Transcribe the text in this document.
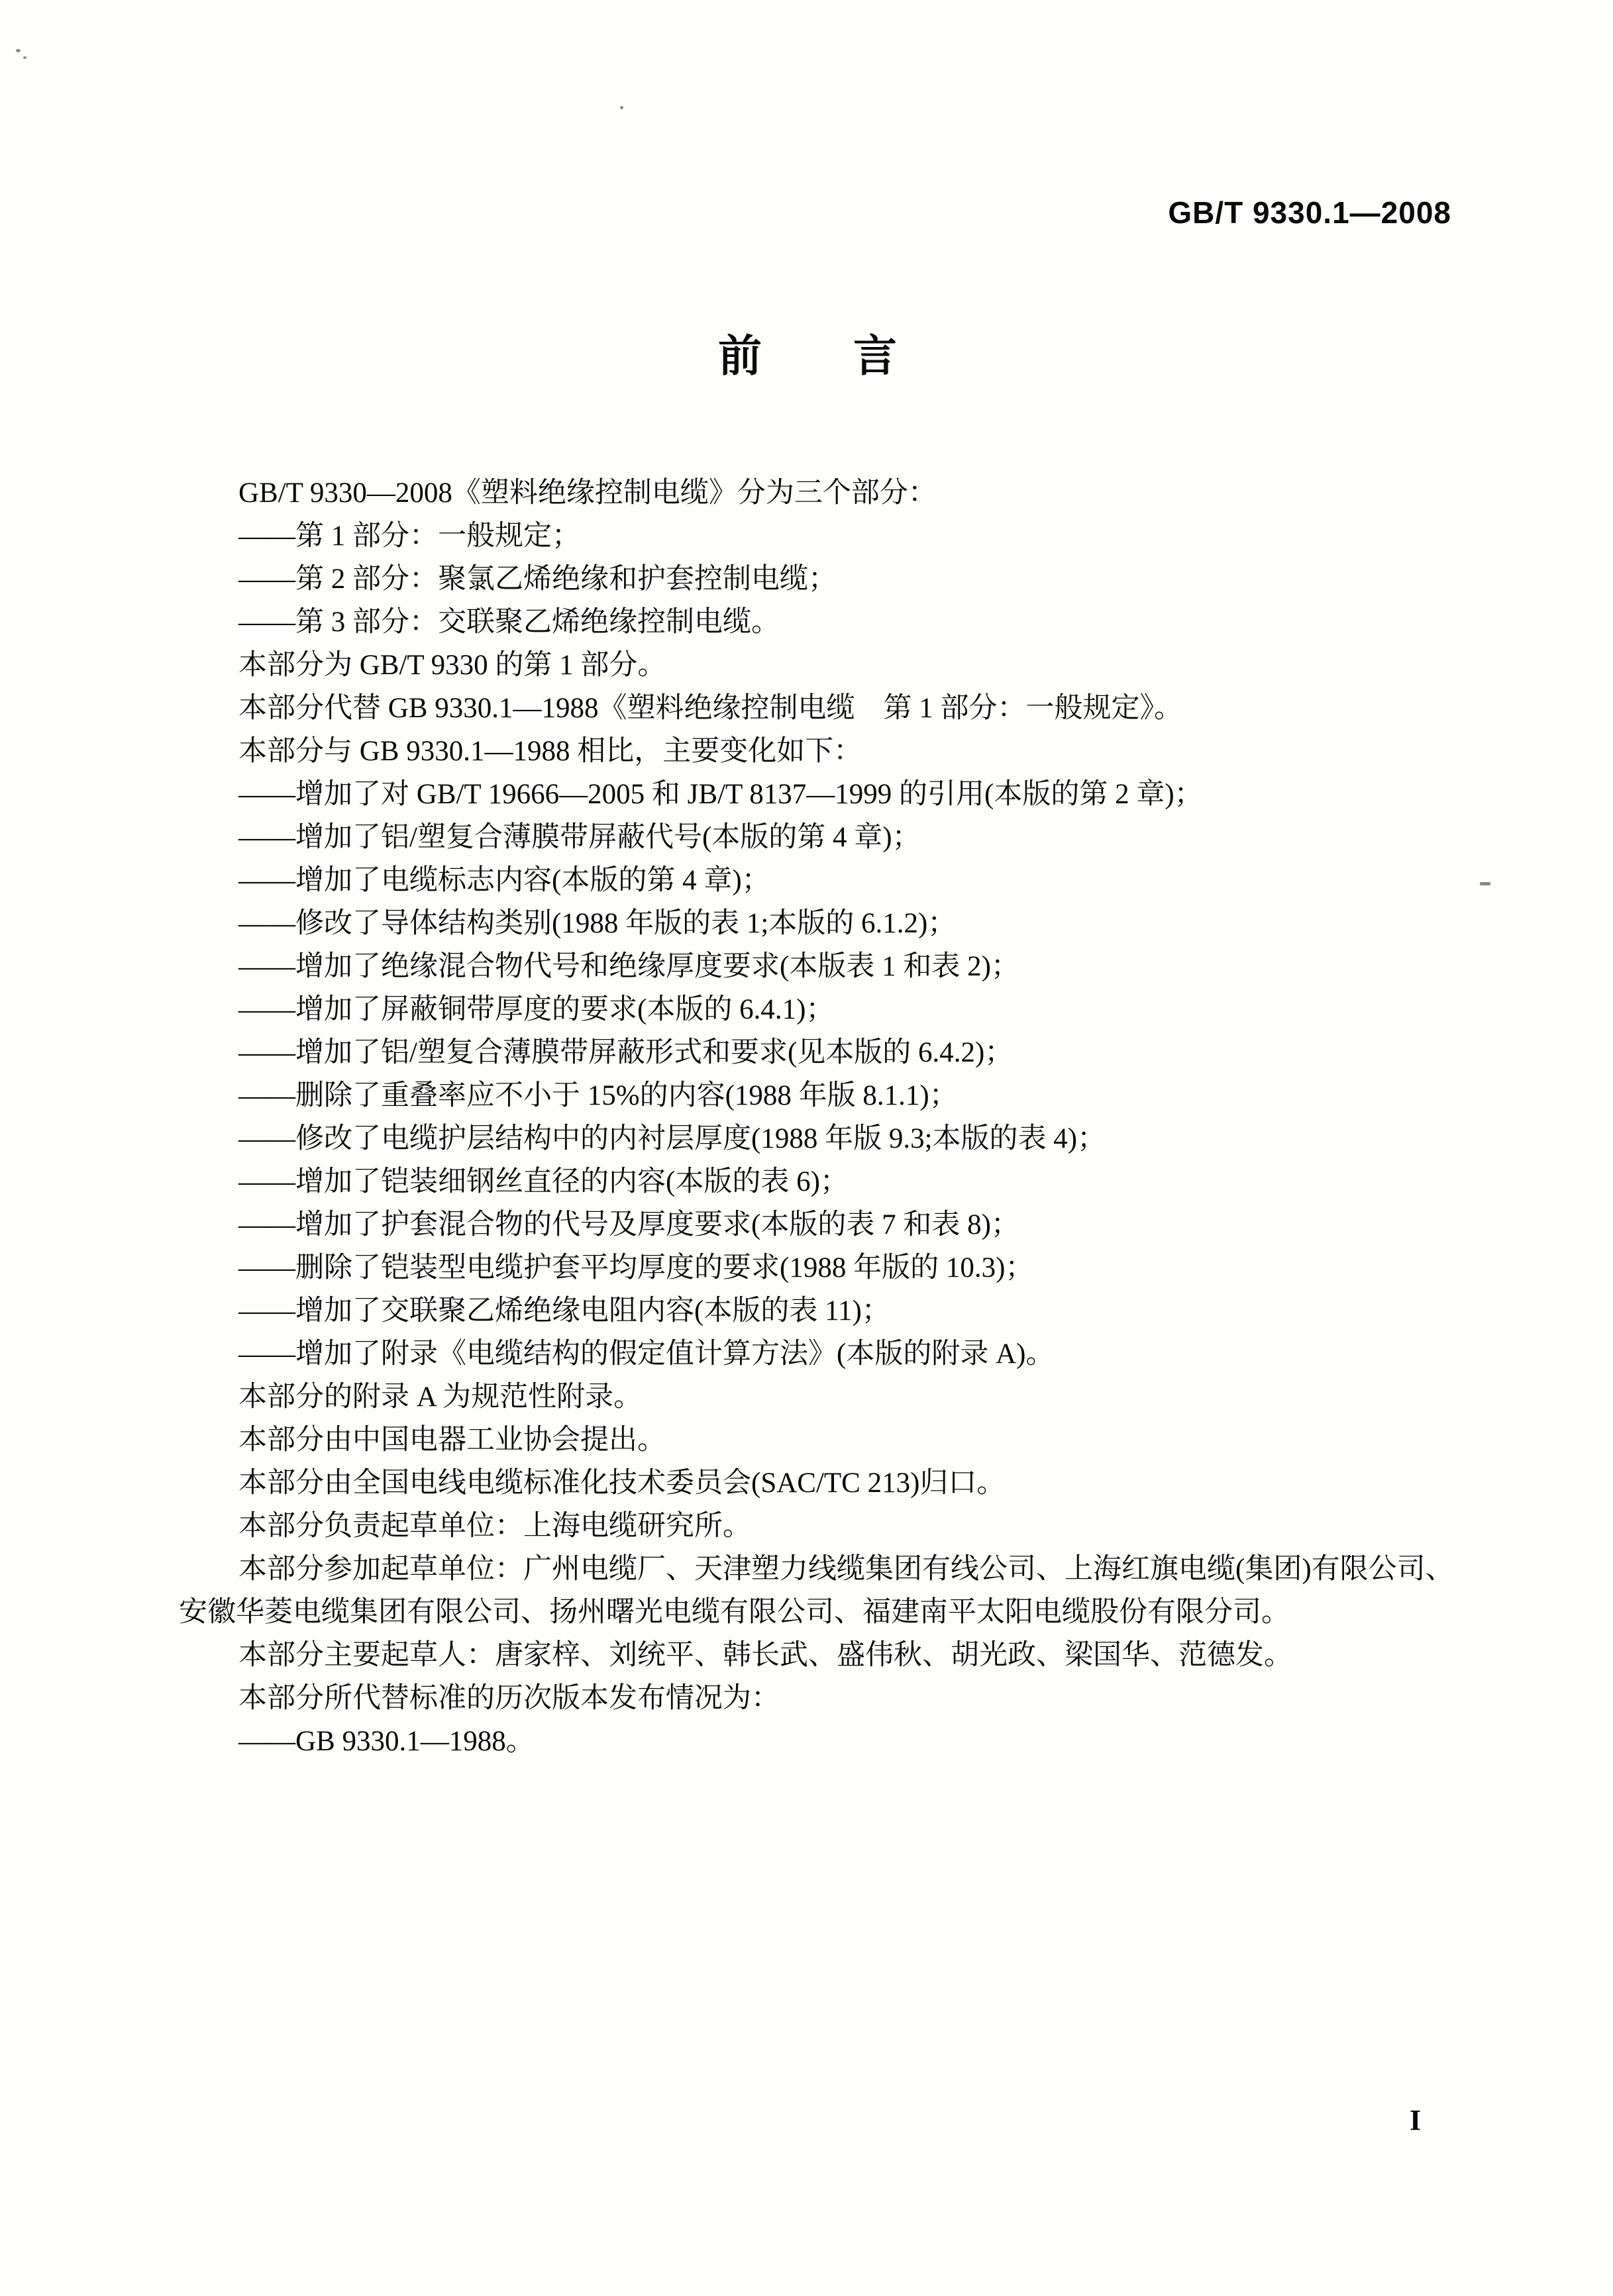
GB/T 9330.1—2008
前　　言
GB/T 9330—2008《塑料绝缘控制电缆》分为三个部分：
——第 1 部分：一般规定；
——第 2 部分：聚氯乙烯绝缘和护套控制电缆；
——第 3 部分：交联聚乙烯绝缘控制电缆。
本部分为 GB/T 9330 的第 1 部分。
本部分代替 GB 9330.1—1988《塑料绝缘控制电缆　第 1 部分：一般规定》。
本部分与 GB 9330.1—1988 相比，主要变化如下：
——增加了对 GB/T 19666—2005 和 JB/T 8137—1999 的引用(本版的第 2 章)；
——增加了铝/塑复合薄膜带屏蔽代号(本版的第 4 章)；
——增加了电缆标志内容(本版的第 4 章)；
——修改了导体结构类别(1988 年版的表 1;本版的 6.1.2)；
——增加了绝缘混合物代号和绝缘厚度要求(本版表 1 和表 2)；
——增加了屏蔽铜带厚度的要求(本版的 6.4.1)；
——增加了铝/塑复合薄膜带屏蔽形式和要求(见本版的 6.4.2)；
——删除了重叠率应不小于 15%的内容(1988 年版 8.1.1)；
——修改了电缆护层结构中的内衬层厚度(1988 年版 9.3;本版的表 4)；
——增加了铠装细钢丝直径的内容(本版的表 6)；
——增加了护套混合物的代号及厚度要求(本版的表 7 和表 8)；
——删除了铠装型电缆护套平均厚度的要求(1988 年版的 10.3)；
——增加了交联聚乙烯绝缘电阻内容(本版的表 11)；
——增加了附录《电缆结构的假定值计算方法》(本版的附录 A)。
本部分的附录 A 为规范性附录。
本部分由中国电器工业协会提出。
本部分由全国电线电缆标准化技术委员会(SAC/TC 213)归口。
本部分负责起草单位：上海电缆研究所。
本部分参加起草单位：广州电缆厂、天津塑力线缆集团有线公司、上海红旗电缆(集团)有限公司、
安徽华菱电缆集团有限公司、扬州曙光电缆有限公司、福建南平太阳电缆股份有限分司。
本部分主要起草人：唐家梓、刘统平、韩长武、盛伟秋、胡光政、梁国华、范德发。
本部分所代替标准的历次版本发布情况为：
——GB 9330.1—1988。
I
